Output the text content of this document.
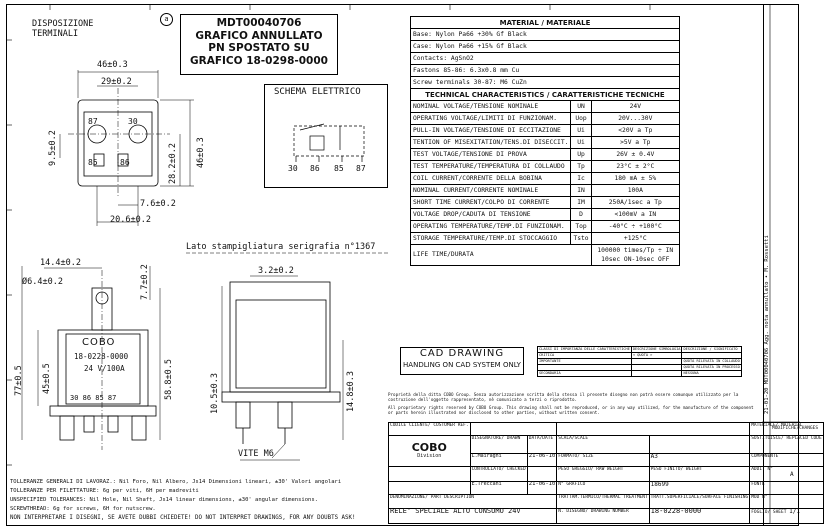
DISPOSIZIONE
TERMINALI
46±0.3
29±0.2
87	30
85	86
9.5±0.2	46±0.3
28.2±0.2
7.6±0.2
20.6±0.2
a	MDT00040706
GRAFICO ANNULLATO
PN SPOSTATO SU
GRAFICO 18-0298-0000
SCHEMA ELETTRICO
30 86 85 87
MATERIAL / MATERIALE		
Base: Nylon Pa66 +30% Gf Black		
Case: Nylon Pa66 +15% Gf Black		
Contacts: AgSnO2		
Fastons 85-86: 6.3x0.8 mm Cu		
Screw terminals 30-87: M6 CuZn		
TECHNICAL CHARACTERISTICS / CARATTERISTICHE TECNICHE		
NOMINAL VOLTAGE/TENSIONE NOMINALE	UN	24V
OPERATING VOLTAGE/LIMITI DI FUNZIONAM.	Uop	20V...30V
PULL-IN VOLTAGE/TENSIONE DI ECCITAZIONE	Ui	<20V a Tp
TENTION OF MISEXITATION/TENS.DI DISECCIT.	Ui	>5V a Tp
TEST VOLTAGE/TENSIONE DI PROVA	Up	26V ± 0.4V
TEST TEMPERATURE/TEMPERATURA DI COLLAUDO	Tp	23°C ± 2°C
COIL CURRENT/CORRENTE DELLA BOBINA	Ic	180 mA ± 5%
NOMINAL CURRENT/CORRENTE NOMINALE	IN	100A
SHORT TIME CURRENT/COLPO DI CORRENTE	IM	250A/1sec a Tp
VOLTAGE DROP/CADUTA DI TENSIONE	D	<100mV a IN
OPERATING TEMPERATURE/TEMP.DI FUNZIONAM.	Top	-40°C ÷ +100°C
STORAGE TEMPERATURE/TEMP.DI STOCCAGGIO	Tsto	+125°C
LIFE TIME/DURATA		100000 times/Tp ÷ IN
10sec ON-10sec OFF
Lato stampigliatura serigrafia n°1367
3.2±0.2
10.5±0.3	14.8±0.3
VITE M6
14.4±0.2
Ø6.4±0.2	7.7±0.2
77±0.5 45±0.5	58.8±0.5
COBO
18-0228-0000
24 V/100A
30 86 85 87
CAD DRAWING
HANDLING ON CAD SYSTEM ONLY
CLASSI DI IMPORTANZA DELLE CARATTERISTICHE	DESCRIZIONE SIMBOLOGIA	DESCRIZIONE / SIGNIFICATO
CRITICA	< QUOTA >	
IMPORTANTE		QUOTA RILEVATA IN COLLAUDO
		QUOTA RILEVATA IN PROCESSO
SECONDARIA		NESSUNA
Proprietà della ditta COBO Group. Senza autorizzazione scritta della stessa il presente disegno non potrà essere comunque utilizzato per la costruzione dell'oggetto rappresentato, nè comunicato a terzi o riprodotto.
All proprietary rights reserved by COBO Group. This drawing shall not be reproduced, or in any way utilized, for the manufacture of the component or parts herein illustrated nor disclosed to other parties, without written consent.
TOLLERANZE GENERALI DI LAVORAZ.: Nil Foro, Nil Albero, Js14 Dimensioni lineari, ±30' Valori angolari
TOLLERANZE PER FILETTATURE: 6g per viti, 6H per madreviti
UNSPECIFIED TOLERANCES: Nil Hole, Nil Shaft, Js14 linear dimensions, ±30' angular dimensions.
SCREWTHREAD: 6g for screws, 6H for nutscrew.
NON INTERPRETARE I DISEGNI, SE AVETE DUBBI CHIEDETE! DO NOT INTERPRET DRAWINGS, FOR ANY DOUBTS ASK!
CODICE CLIENTE/ CUSTOMER REF.					MATERIALE/ MATERIAL

COBO
Division	DISEGNATORE/ DRAWN	DATA/DATE	SCALA/SCALE		SOSTITUISCE/ REPLACED CODE
	L.Mairaghi	21-06-10	FORMATO/ SIZE	A3	COMPONENTE
	CONTROLLATO/ CHECKED		PESO GREGGIO/ RAW WEIGHT	PESO FINITO/ WEIGHT	ADDIT N°
	E.Treccani	21-06-10	N° GRAFICO	18699	FONTE
DENOMINAZIONE/ PART DESCRIPTION			TRATTAM.TERMICO/THERMAL TREATMENT	TRATT.SUPERFICIALE/SURFACE FINISHING	MOD N°
RELE' SPECIALE ALTO CONSUMO 24V			N. DISEGNO/ DRAWING NUMBER	18-0228-0000	FOGLIO/ SHEET 1/1
21-01-20 MDT00040706 Agg. nota annullato • M. Rossetti
MODIFICHE/CHANGES
A
